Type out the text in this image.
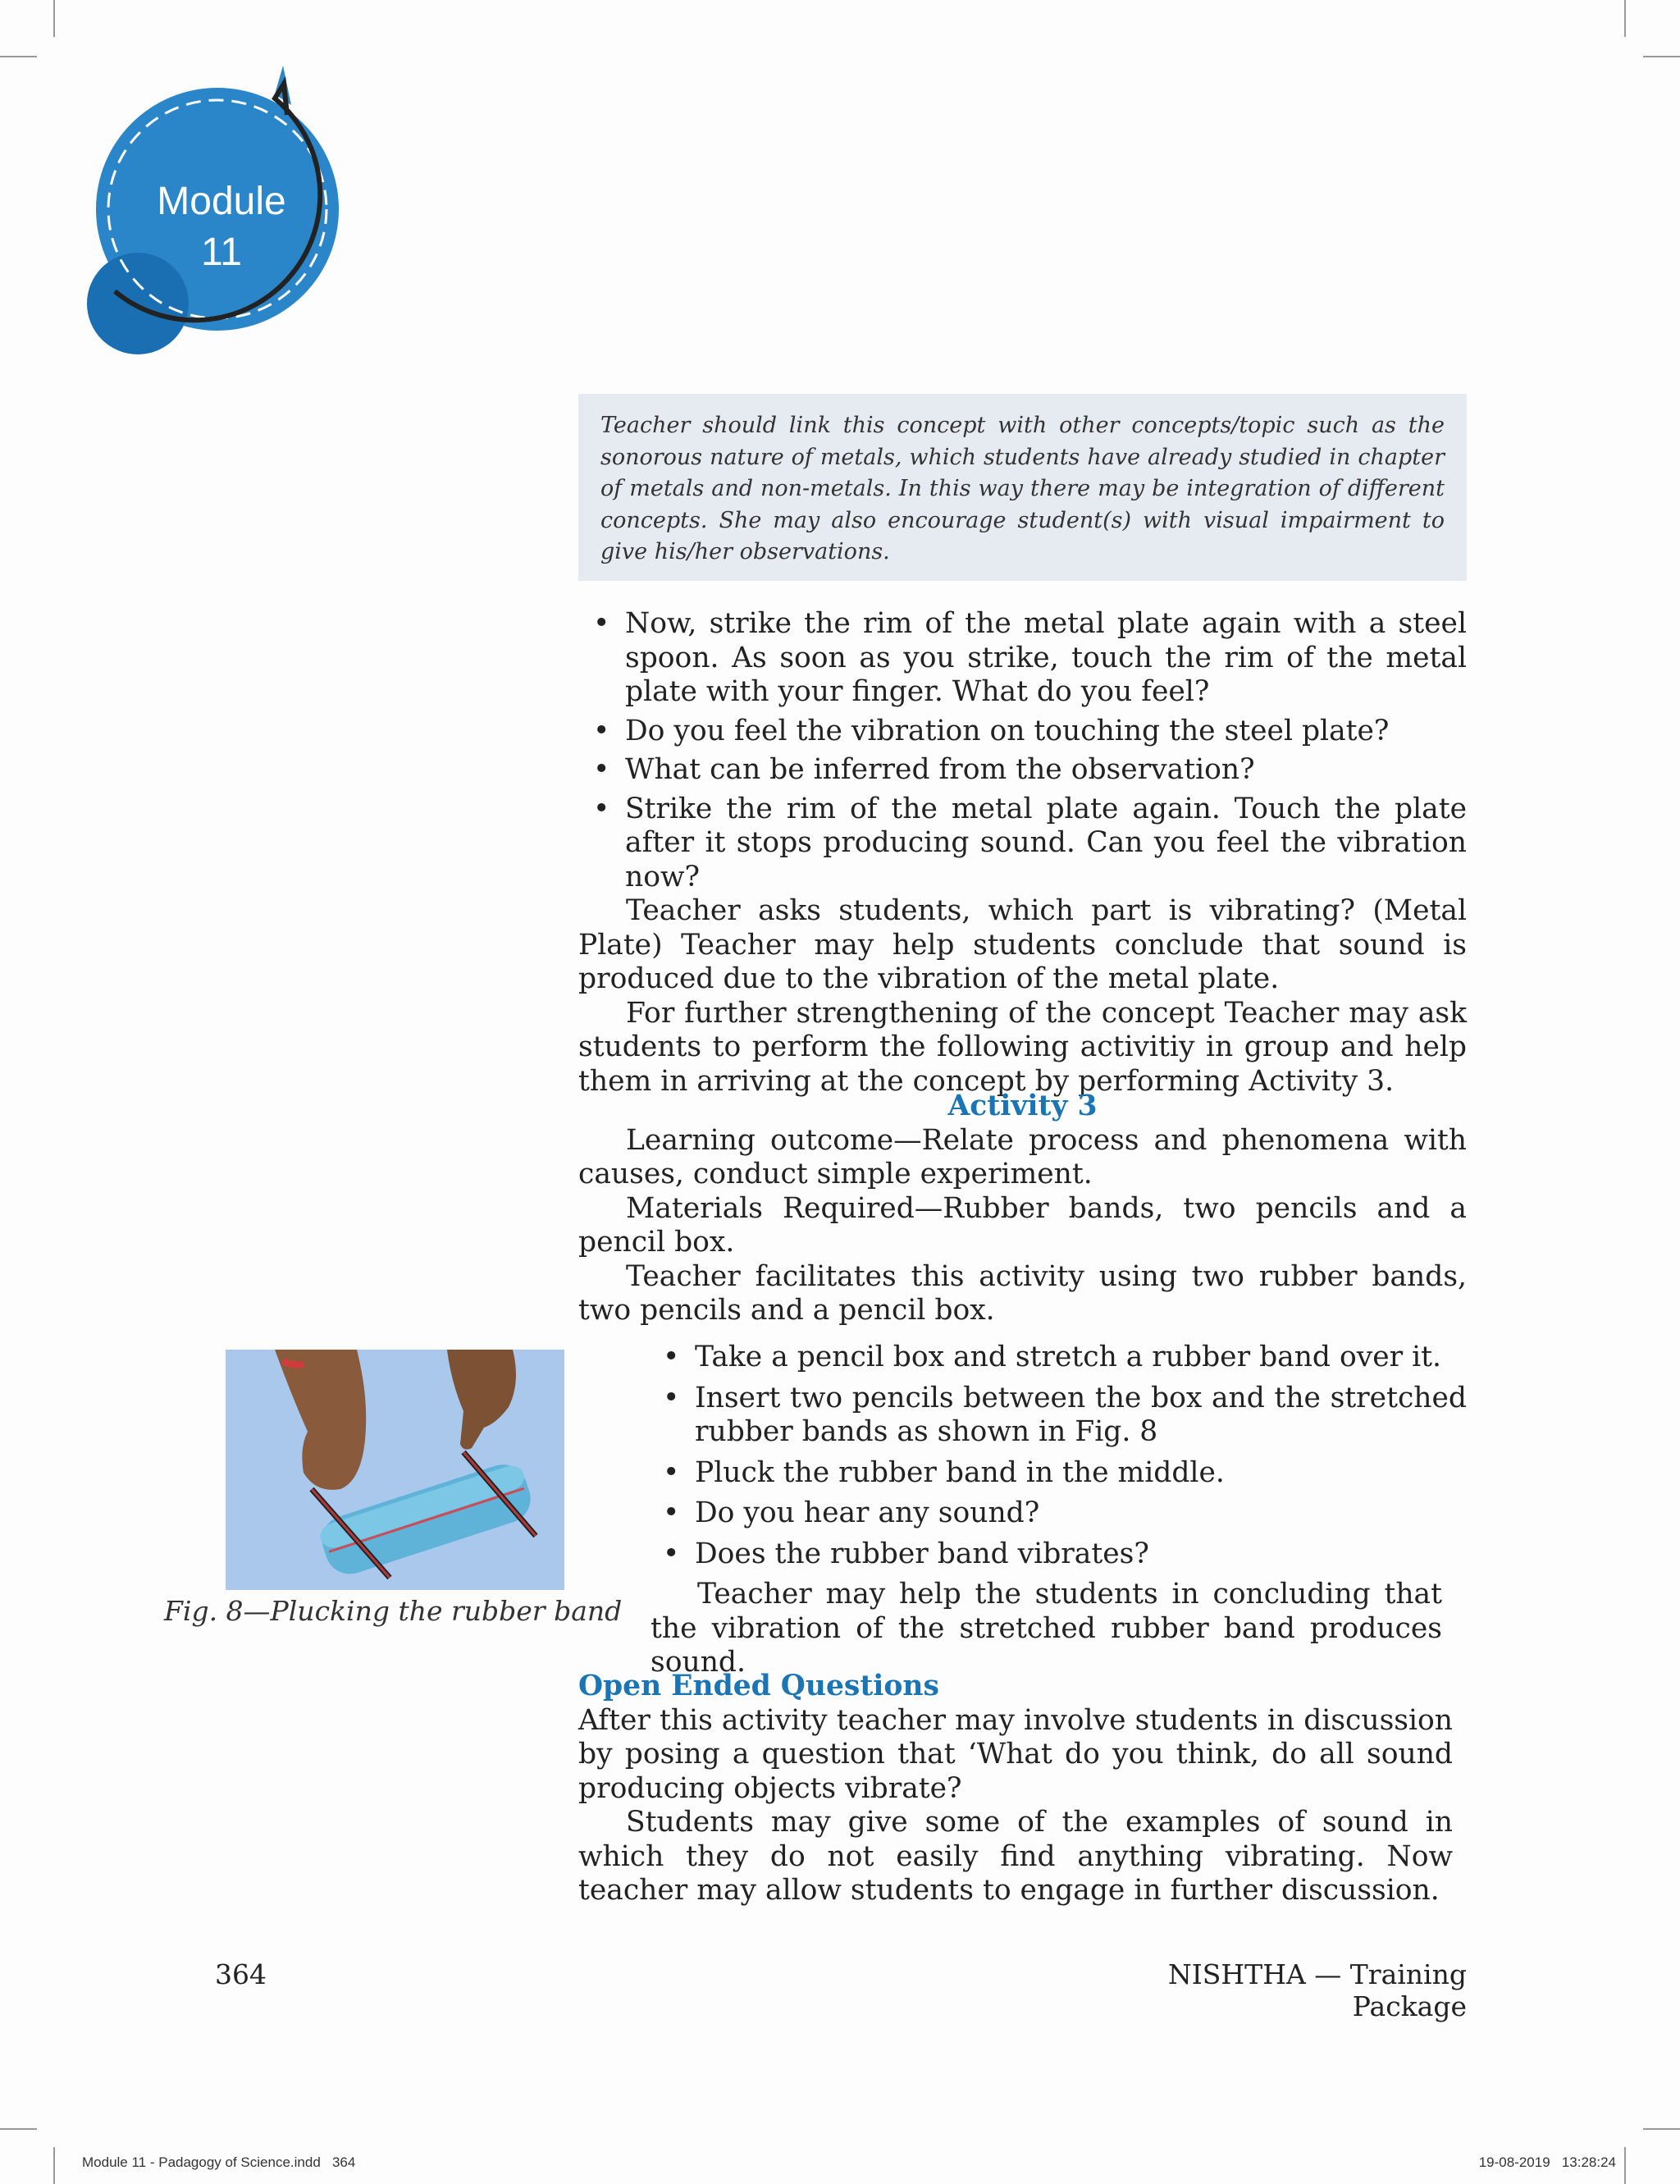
Module
11
Teacher should link this concept with other concepts/topic such as the sonorous nature of metals, which students have already studied in chapter of metals and non-metals. In this way there may be integration of different concepts. She may also encourage student(s) with visual impairment to give his/her observations.
• Now, strike the rim of the metal plate again with a steel spoon. As soon as you strike, touch the rim of the metal plate with your finger. What do you feel?
• Do you feel the vibration on touching the steel plate?
• What can be inferred from the observation?
• Strike the rim of the metal plate again. Touch the plate after it stops producing sound. Can you feel the vibration now?

Teacher asks students, which part is vibrating? (Metal Plate) Teacher may help students conclude that sound is produced due to the vibration of the metal plate.

For further strengthening of the concept Teacher may ask students to perform the following activitiy in group and help them in arriving at the concept by performing Activity 3.

Activity 3

Learning outcome—Relate process and phenomena with causes, conduct simple experiment.

Materials Required—Rubber bands, two pencils and a pencil box.

Teacher facilitates this activity using two rubber bands, two pencils and a pencil box.

• Take a pencil box and stretch a rubber band over it.
• Insert two pencils between the box and the stretched rubber bands as shown in Fig. 8
• Pluck the rubber band in the middle.
• Do you hear any sound?
• Does the rubber band vibrates?

Teacher may help the students in concluding that the vibration of the stretched rubber band produces sound.

Fig. 8—Plucking the rubber band
Open Ended Questions

After this activity teacher may involve students in discussion by posing a question that ‘What do you think, do all sound producing objects vibrate?

Students may give some of the examples of sound in which they do not easily find anything vibrating. Now teacher may allow students to engage in further discussion.

364	NISHTHA — Training Package
Module 11 - Padagogy of Science.indd   364	19-08-2019   13:28:24
